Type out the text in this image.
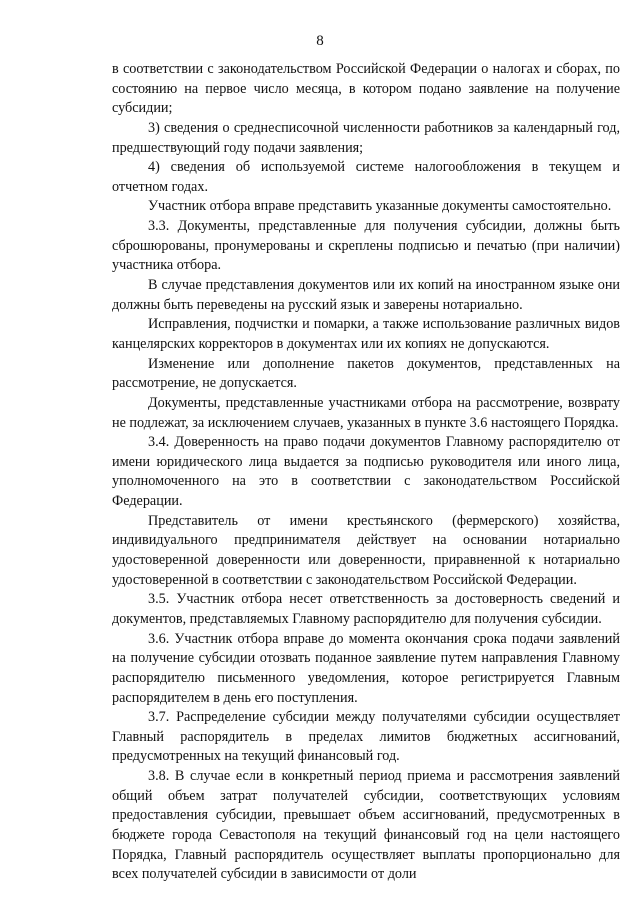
8

в соответствии с законодательством Российской Федерации о налогах и сборах, по состоянию на первое число месяца, в котором подано заявление на получение субсидии;

3) сведения о среднесписочной численности работников за календарный год, предшествующий году подачи заявления;

4) сведения об используемой системе налогообложения в текущем и отчетном годах.

Участник отбора вправе представить указанные документы самостоятельно.

3.3. Документы, представленные для получения субсидии, должны быть сброшюрованы, пронумерованы и скреплены подписью и печатью (при наличии) участника отбора.

В случае представления документов или их копий на иностранном языке они должны быть переведены на русский язык и заверены нотариально.

Исправления, подчистки и помарки, а также использование различных видов канцелярских корректоров в документах или их копиях не допускаются.

Изменение или дополнение пакетов документов, представленных на рассмотрение, не допускается.

Документы, представленные участниками отбора на рассмотрение, возврату не подлежат, за исключением случаев, указанных в пункте 3.6 настоящего Порядка.

3.4. Доверенность на право подачи документов Главному распорядителю от имени юридического лица выдается за подписью руководителя или иного лица, уполномоченного на это в соответствии с законодательством Российской Федерации.

Представитель от имени крестьянского (фермерского) хозяйства, индивидуального предпринимателя действует на основании нотариально удостоверенной доверенности или доверенности, приравненной к нотариально удостоверенной в соответствии с законодательством Российской Федерации.

3.5. Участник отбора несет ответственность за достоверность сведений и документов, представляемых Главному распорядителю для получения субсидии.

3.6. Участник отбора вправе до момента окончания срока подачи заявлений на получение субсидии отозвать поданное заявление путем направления Главному распорядителю письменного уведомления, которое регистрируется Главным распорядителем в день его поступления.

3.7. Распределение субсидии между получателями субсидии осуществляет Главный распорядитель в пределах лимитов бюджетных ассигнований, предусмотренных на текущий финансовый год.

3.8. В случае если в конкретный период приема и рассмотрения заявлений общий объем затрат получателей субсидии, соответствующих условиям предоставления субсидии, превышает объем ассигнований, предусмотренных в бюджете города Севастополя на текущий финансовый год на цели настоящего Порядка, Главный распорядитель осуществляет выплаты пропорционально для всех получателей субсидии в зависимости от доли
